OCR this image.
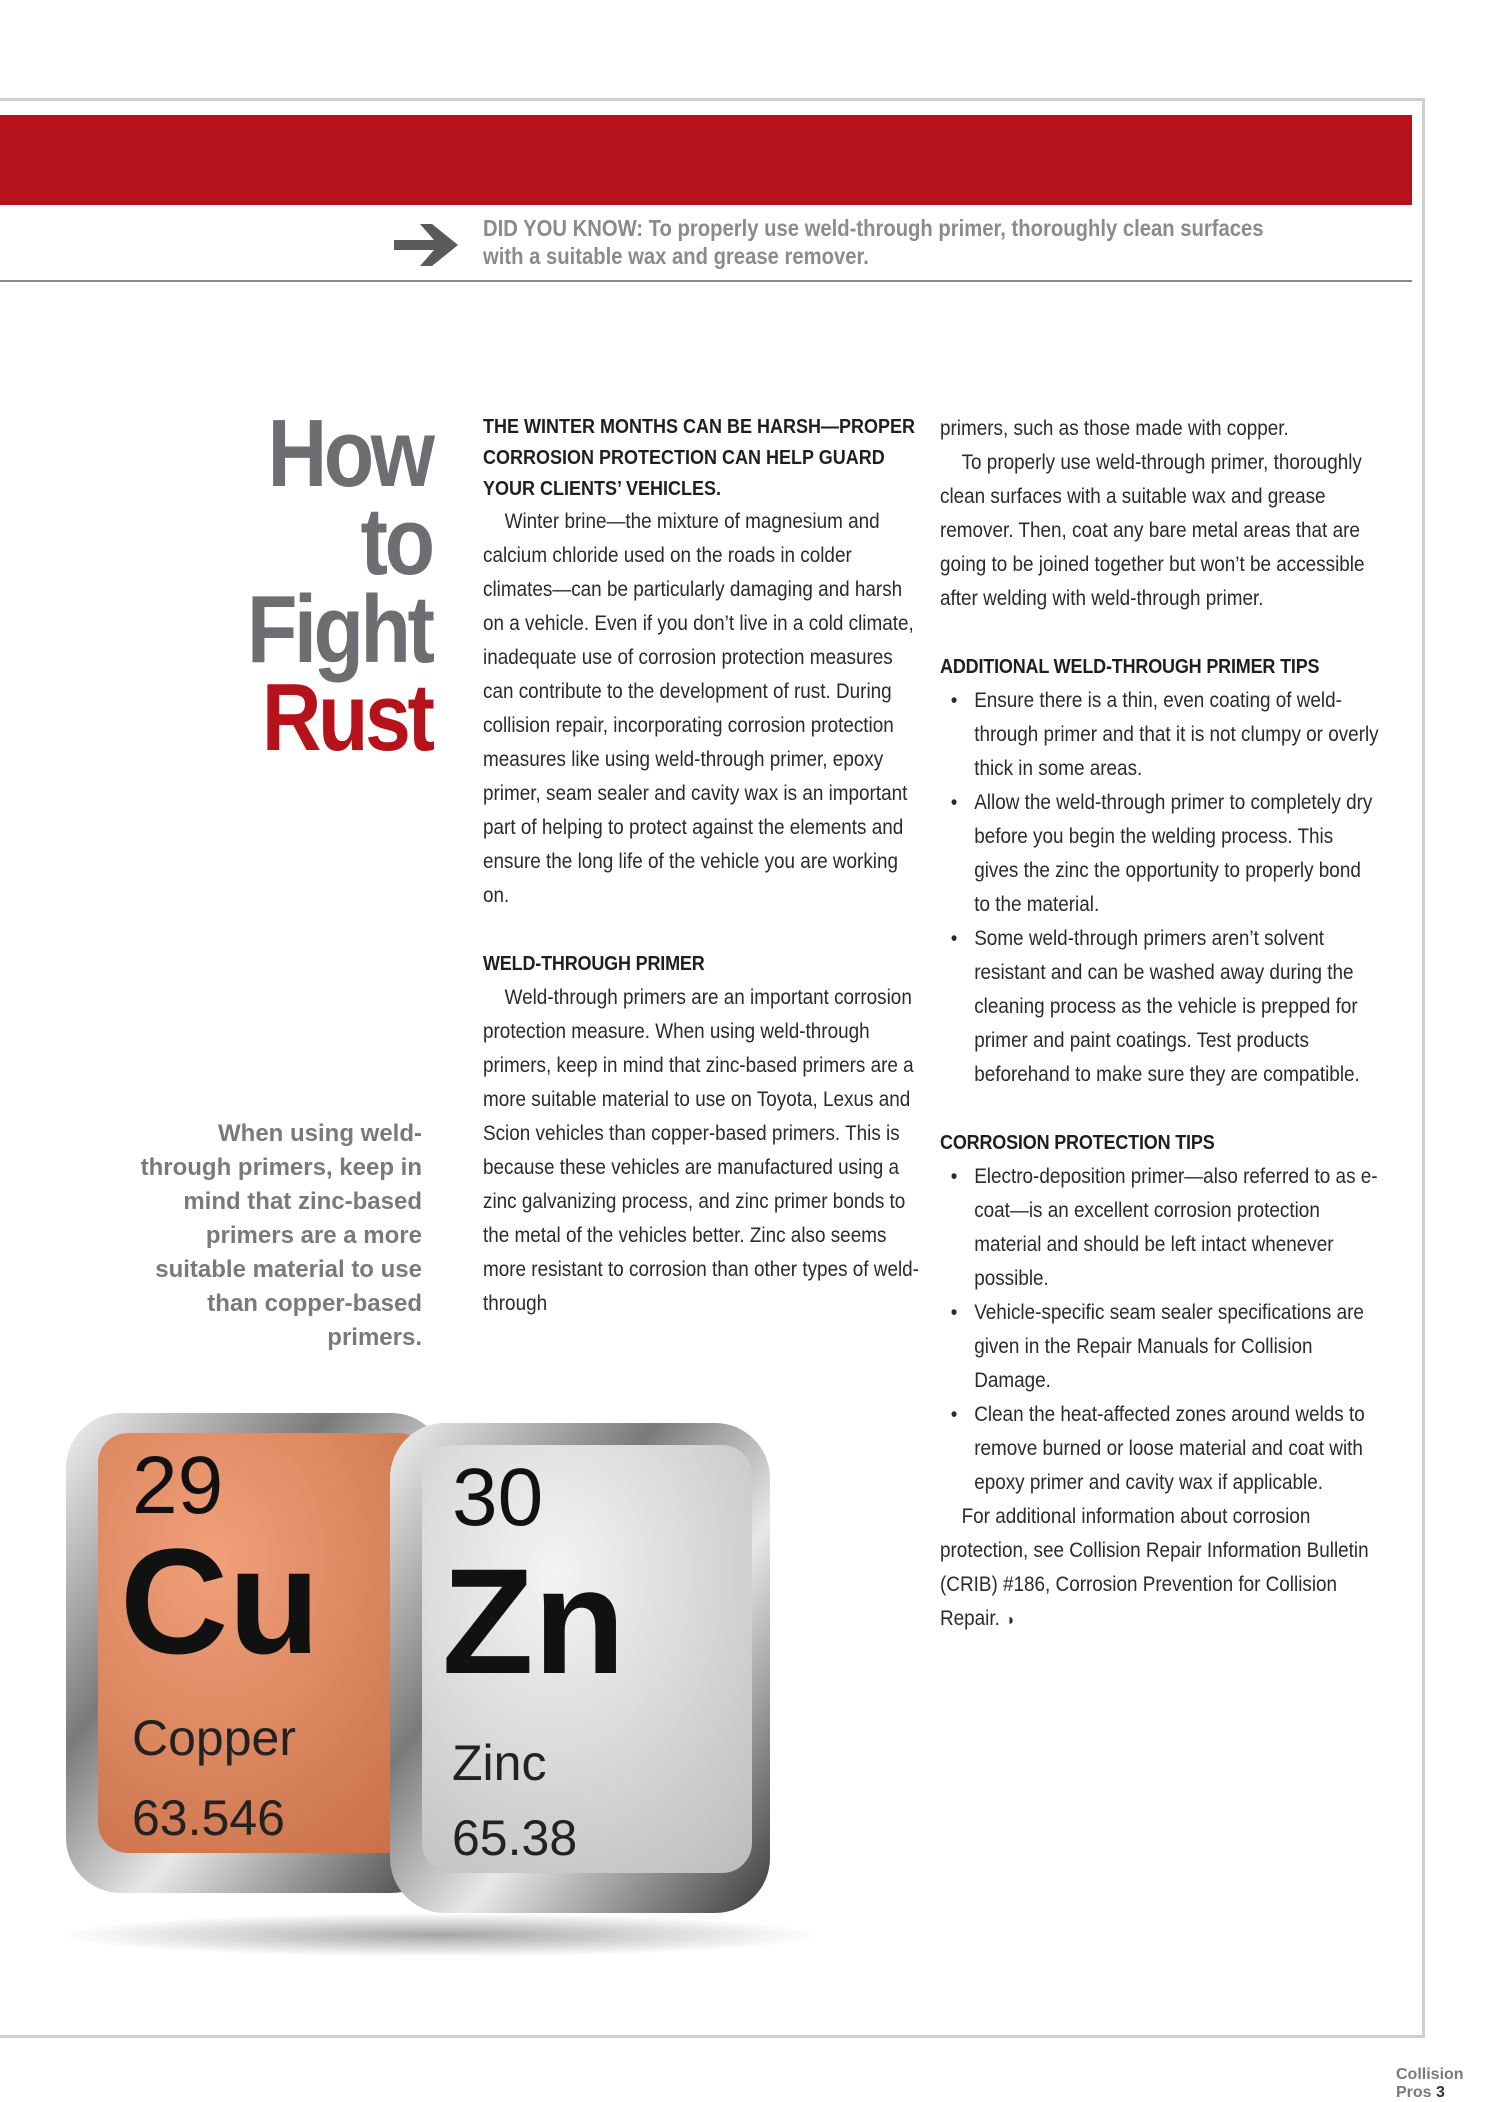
DID YOU KNOW: To properly use weld-through primer, thoroughly clean surfaces with a suitable wax and grease remover.
How
to
Fight
Rust
When using weld-through primers, keep in mind that zinc-based primers are a more suitable material to use than copper-based primers.

THE WINTER MONTHS CAN BE HARSH—PROPER CORROSION PROTECTION CAN HELP GUARD YOUR CLIENTS’ VEHICLES.

Winter brine—the mixture of magnesium and calcium chloride used on the roads in colder climates—can be particularly damaging and harsh on a vehicle. Even if you don’t live in a cold climate, inadequate use of corrosion protection measures can contribute to the development of rust. During collision repair, incorporating corrosion protection measures like using weld-through primer, epoxy primer, seam sealer and cavity wax is an important part of helping to protect against the elements and ensure the long life of the vehicle you are working on.

WELD-THROUGH PRIMER

Weld-through primers are an important corrosion protection measure. When using weld-through primers, keep in mind that zinc-based primers are a more suitable material to use on Toyota, Lexus and Scion vehicles than copper-based primers. This is because these vehicles are manufactured using a zinc galvanizing process, and zinc primer bonds to the metal of the vehicles better. Zinc also seems more resistant to corrosion than other types of weld-through

primers, such as those made with copper.

To properly use weld-through primer, thoroughly clean surfaces with a suitable wax and grease remover. Then, coat any bare metal areas that are going to be joined together but won’t be accessible after welding with weld-through primer.

ADDITIONAL WELD-THROUGH PRIMER TIPS

• Ensure there is a thin, even coating of weld-through primer and that it is not clumpy or overly thick in some areas.
• Allow the weld-through primer to completely dry before you begin the welding process. This gives the zinc the opportunity to properly bond to the material.
• Some weld-through primers aren’t solvent resistant and can be washed away during the cleaning process as the vehicle is prepped for primer and paint coatings. Test products beforehand to make sure they are compatible.

CORROSION PROTECTION TIPS

• Electro-deposition primer—also referred to as e-coat—is an excellent corrosion protection material and should be left intact whenever possible.
• Vehicle-specific seam sealer specifications are given in the Repair Manuals for Collision Damage.
• Clean the heat-affected zones around welds to remove burned or loose material and coat with epoxy primer and cavity wax if applicable.

For additional information about corrosion protection, see Collision Repair Information Bulletin (CRIB) #186, Corrosion Prevention for Collision Repair. ◑

29
Cu
Copper
63.546
30
Zn
Zinc
65.38
Collision Pros 3
